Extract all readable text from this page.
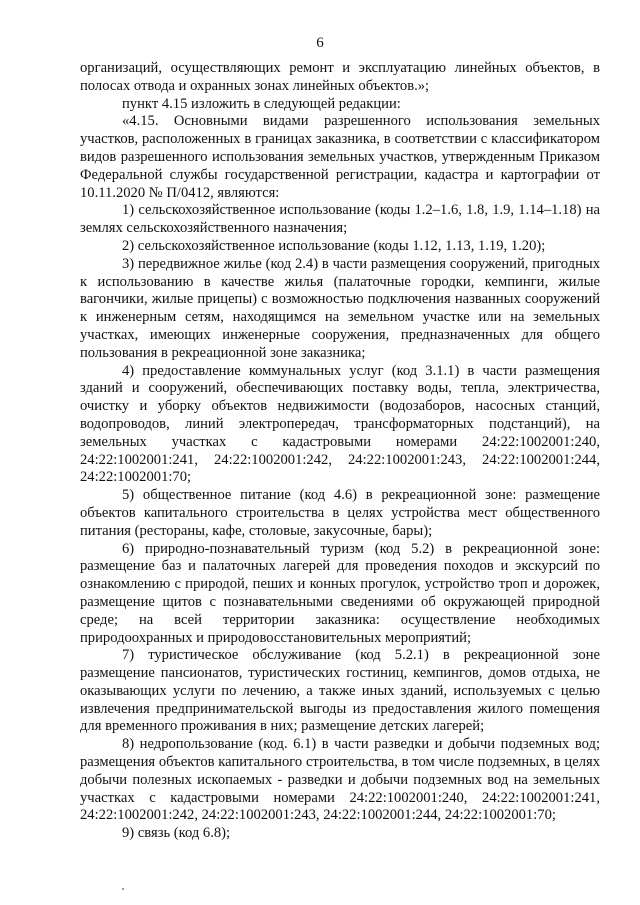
6

организаций, осуществляющих ремонт и эксплуатацию линейных объектов, в полосах отвода и охранных зонах линейных объектов.»;

пункт 4.15 изложить в следующей редакции:

«4.15. Основными видами разрешенного использования земельных участков, расположенных в границах заказника, в соответствии с классификатором видов разрешенного использования земельных участков, утвержденным Приказом Федеральной службы государственной регистрации, кадастра и картографии от 10.11.2020 № П/0412, являются:

1) сельскохозяйственное использование (коды 1.2–1.6, 1.8, 1.9, 1.14–1.18) на землях сельскохозяйственного назначения;

2) сельскохозяйственное использование (коды 1.12, 1.13, 1.19, 1.20);

3) передвижное жилье (код 2.4) в части размещения сооружений, пригодных к использованию в качестве жилья (палаточные городки, кемпинги, жилые вагончики, жилые прицепы) с возможностью подключения названных сооружений к инженерным сетям, находящимся на земельном участке или на земельных участках, имеющих инженерные сооружения, предназначенных для общего пользования в рекреационной зоне заказника;

4) предоставление коммунальных услуг (код 3.1.1) в части размещения зданий и сооружений, обеспечивающих поставку воды, тепла, электричества, очистку и уборку объектов недвижимости (водозаборов, насосных станций, водопроводов, линий электропередач, трансформаторных подстанций), на земельных участках с кадастровыми номерами 24:22:1002001:240, 24:22:1002001:241, 24:22:1002001:242, 24:22:1002001:243, 24:22:1002001:244, 24:22:1002001:70;

5) общественное питание (код 4.6) в рекреационной зоне: размещение объектов капитального строительства в целях устройства мест общественного питания (рестораны, кафе, столовые, закусочные, бары);

6) природно-познавательный туризм (код 5.2) в рекреационной зоне: размещение баз и палаточных лагерей для проведения походов и экскурсий по ознакомлению с природой, пеших и конных прогулок, устройство троп и дорожек, размещение щитов с познавательными сведениями об окружающей природной среде; на всей территории заказника: осуществление необходимых природоохранных и природовосстановительных мероприятий;

7) туристическое обслуживание (код 5.2.1) в рекреационной зоне размещение пансионатов, туристических гостиниц, кемпингов, домов отдыха, не оказывающих услуги по лечению, а также иных зданий, используемых с целью извлечения предпринимательской выгоды из предоставления жилого помещения для временного проживания в них; размещение детских лагерей;

8) недропользование (код. 6.1) в части разведки и добычи подземных вод; размещения объектов капитального строительства, в том числе подземных, в целях добычи полезных ископаемых - разведки и добычи подземных вод на земельных участках с кадастровыми номерами 24:22:1002001:240, 24:22:1002001:241, 24:22:1002001:242, 24:22:1002001:243, 24:22:1002001:244, 24:22:1002001:70;

9) связь (код 6.8);
